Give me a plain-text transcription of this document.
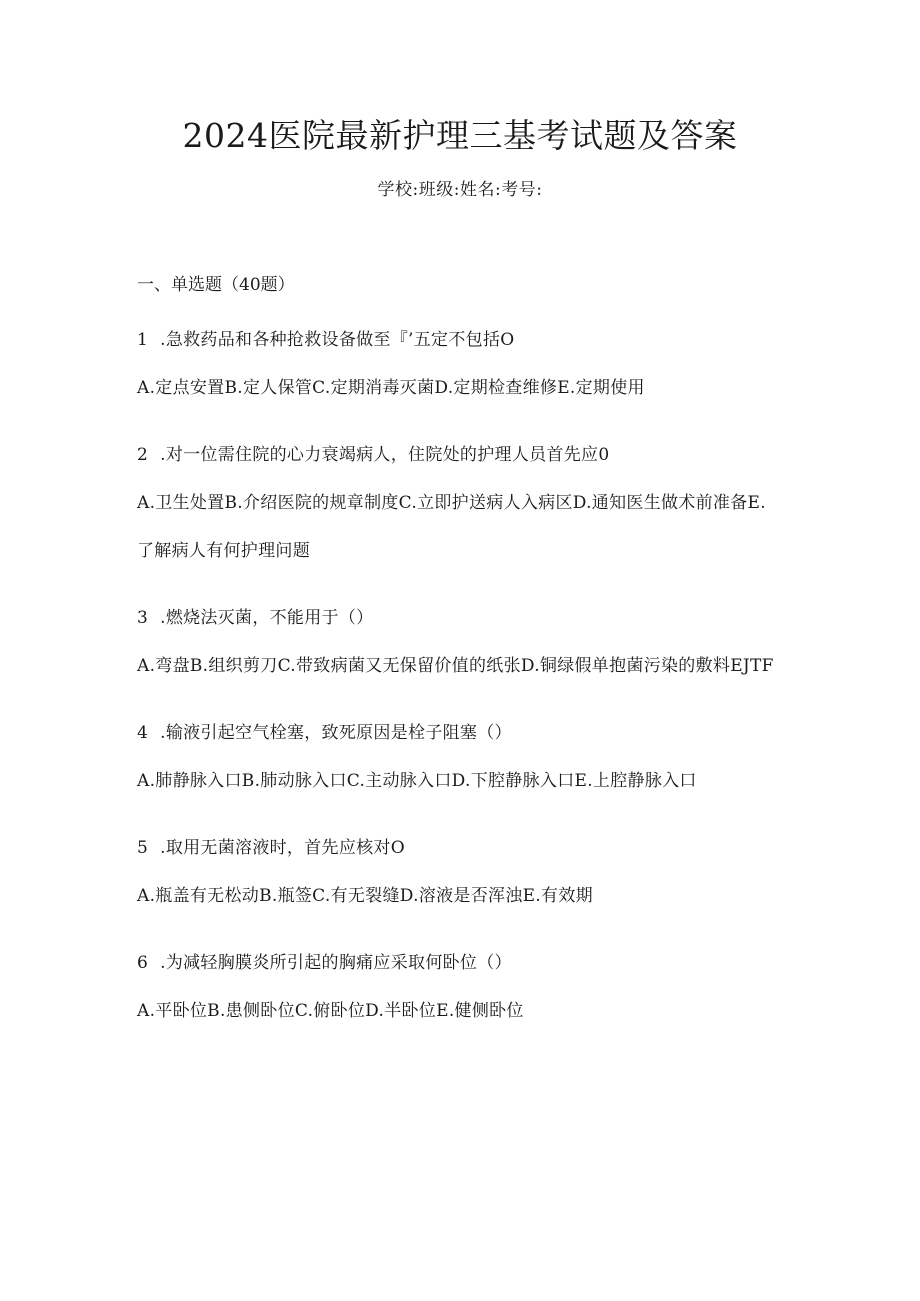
2024医院最新护理三基考试题及答案
学校:班级:姓名:考号:
一、单选题（40题）

1 .急救药品和各种抢救设备做至『’五定不包括O

A.定点安置B.定人保管C.定期消毒灭菌D.定期检查维修E.定期使用

2 .对一位需住院的心力衰竭病人，住院处的护理人员首先应0

A.卫生处置B.介绍医院的规章制度C.立即护送病人入病区D.通知医生做术前准备E.了解病人有何护理问题

3 .燃烧法灭菌，不能用于（）

A.弯盘B.组织剪刀C.带致病菌又无保留价值的纸张D.铜绿假单抱菌污染的敷料EJTF

4 .输液引起空气栓塞，致死原因是栓子阻塞（）

A.肺静脉入口B.肺动脉入口C.主动脉入口D.下腔静脉入口E.上腔静脉入口

5 .取用无菌溶液时，首先应核对O

A.瓶盖有无松动B.瓶签C.有无裂缝D.溶液是否浑浊E.有效期

6 .为减轻胸膜炎所引起的胸痛应采取何卧位（）

A.平卧位B.患侧卧位C.俯卧位D.半卧位E.健侧卧位
